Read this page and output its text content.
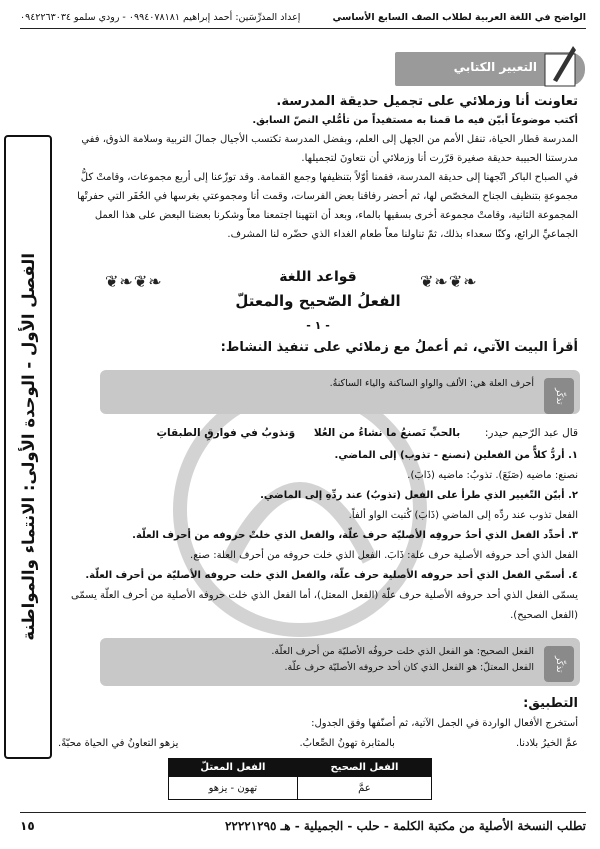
الواضح في اللغة العربية لطلاب الصف السابع الأساسي
إعداد المدرِّسَين: أحمد إبراهيم ٠٩٩٤٠٧٨١٨١ - رودي سلمو ٠٩٤٢٢٦٣٠٣٤
الفصل الأول - الوحدة الأولى: الانتماء والمواطنة
التعبير الكتابي
تعاونت أنا وزملائي على تجميل حديقة المدرسة.
أكتب موضوعاً أبيّن فيه ما قمنا به مستفيداً من تأمُّلي النصّ السابق.
المدرسة قطار الحياة، تنقل الأمم من الجهل إلى العلم، وبفضل المدرسة تكتسب الأجيال جمالَ التربية وسلامة الذوق، ففي مدرستنا الحبيبة حديقة صغيرة قرّرت أنا وزملائي أن نتعاونَ لتجميلها.
في الصباح الباكر اتّجهنا إلى حديقة المدرسة، فقمنا أوّلاً بتنظيفها وجمع القمامة. وقد توزّعنا إلى أربع مجموعات، وقامتْ كلُّ مجموعةٍ بتنظيف الجناح المخصّص لها، ثم أحضر رفاقنا بعض الفرسات، وقمت أنا ومجموعتي بغرسها في الحُفَر التي حفرتْها المجموعة الثانية، وقامتْ مجموعة أخرى بسقيها بالماء، وبعد أن انتهينا اجتمعنا معاً وشكرنا بعضنا البعض على هذا العمل الجماعيِّ الرائع، وكنّا سعداء بذلك، ثمّ تناولنا معاً طعام الغداء الذي حضّره لنا المشرف.
❦❧❦❧	❦❧❦❧
قواعد اللغة
الفعلُ الصّحيح والمعتلّ
- ١ -
أقرأ البيت الآتي، ثم أعملُ مع زملائي على تنفيذ النشاط:
تذكّر
أحرف العلة هي: الألف والواو الساكنة والياء الساكنةُ.
قال عبد الرّحيم حيدر:  بالحبِّ نَصنعُ ما نشاءُ من العُلا  وَنذوبُ في فوارقِ الطبقاتِ
١. أردُّ كلاًّ من الفعلين (نصنع - تذوب) إلى الماضي.
نصنع: ماضيه (صَنَعَ). تذوبُ: ماضيه (ذَابَ).
٢. أبيّن التّغيير الذي طرأ على الفعل (تذوبُ) عند ردِّهِ إلى الماضي.
الفعل تذوب عند ردِّه إلى الماضي (ذَابَ) كُتبت الواو ألفاً.
٣. أحدِّد الفعل الذي أحدُ حروفِه الأصليّة حرف علّة، والفعل الذي خلتْ حروفه من أحرف العلّة.
الفعل الذي أحد حروفه الأصلية حرف علة: ذَابَ. الفعل الذي خلت حروفه من أحرف العلة: صنع.
٤. أسمّي الفعل الذي أحد حروفه الأصلية حرف علّة، والفعل الذي خلت حروفه الأصليّة من أحرف العلّة.
يسمّى الفعل الذي أحد حروفه الأصلية حرف علّة (الفعل المعتل)، أما الفعل الذي خلت حروفه الأصلية من أحرف العلّة يسمّى (الفعل الصحيح).
تذكّر
الفعل الصحيح: هو الفعل الذي خلت حروفُه الأصليّة من أحرف العلّة.
الفعل المعتلّ: هو الفعل الذي كان أحد حروفه الأصليّة حرف علّة.
التطبيق:
أستخرج الأفعال الواردة في الجمل الآتية، ثم أصنّفها وفق الجدول:
عمَّ الخيرُ بلادنا.
بالمثابرة تهونُ الصِّعابُ.
يزهو التعاونُ في الحياة محبّةً.
الفعل الصحيح	الفعل المعتلّ
عمَّ	تهون - يزهو
١٥	تطلب النسخة الأصلية من مكتبة الكلمة - حلب - الجميلية - هـ ٢٢٢٢١٢٩٥
